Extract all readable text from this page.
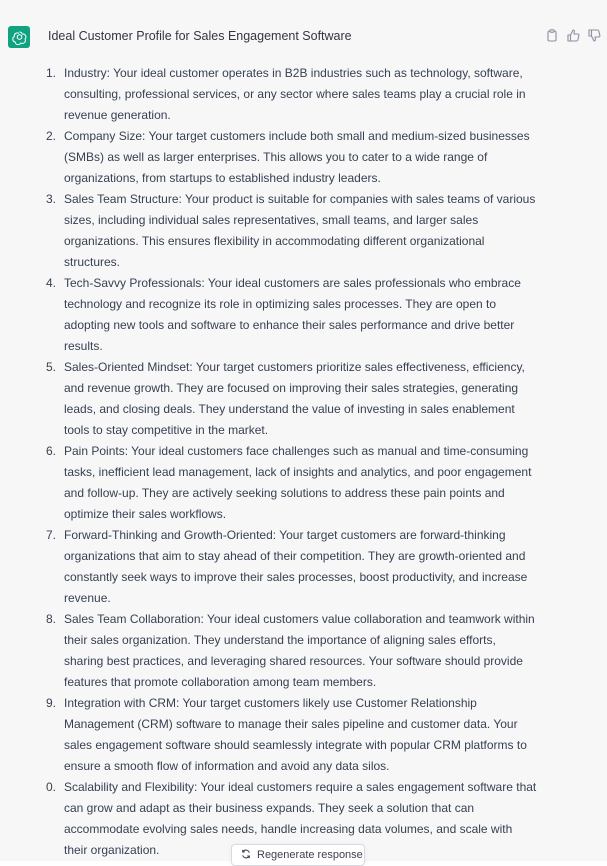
Ideal Customer Profile for Sales Engagement Software
1. Industry: Your ideal customer operates in B2B industries such as technology, software, consulting, professional services, or any sector where sales teams play a crucial role in revenue generation.
2. Company Size: Your target customers include both small and medium-sized businesses (SMBs) as well as larger enterprises. This allows you to cater to a wide range of organizations, from startups to established industry leaders.
3. Sales Team Structure: Your product is suitable for companies with sales teams of various sizes, including individual sales representatives, small teams, and larger sales organizations. This ensures flexibility in accommodating different organizational structures.
4. Tech-Savvy Professionals: Your ideal customers are sales professionals who embrace technology and recognize its role in optimizing sales processes. They are open to adopting new tools and software to enhance their sales performance and drive better results.
5. Sales-Oriented Mindset: Your target customers prioritize sales effectiveness, efficiency, and revenue growth. They are focused on improving their sales strategies, generating leads, and closing deals. They understand the value of investing in sales enablement tools to stay competitive in the market.
6. Pain Points: Your ideal customers face challenges such as manual and time-consuming tasks, inefficient lead management, lack of insights and analytics, and poor engagement and follow-up. They are actively seeking solutions to address these pain points and optimize their sales workflows.
7. Forward-Thinking and Growth-Oriented: Your target customers are forward-thinking organizations that aim to stay ahead of their competition. They are growth-oriented and constantly seek ways to improve their sales processes, boost productivity, and increase revenue.
8. Sales Team Collaboration: Your ideal customers value collaboration and teamwork within their sales organization. They understand the importance of aligning sales efforts, sharing best practices, and leveraging shared resources. Your software should provide features that promote collaboration among team members.
9. Integration with CRM: Your target customers likely use Customer Relationship Management (CRM) software to manage their sales pipeline and customer data. Your sales engagement software should seamlessly integrate with popular CRM platforms to ensure a smooth flow of information and avoid any data silos.
0. Scalability and Flexibility: Your ideal customers require a sales engagement software that can grow and adapt as their business expands. They seek a solution that can accommodate evolving sales needs, handle increasing data volumes, and scale with their organization.	Regenerate response
